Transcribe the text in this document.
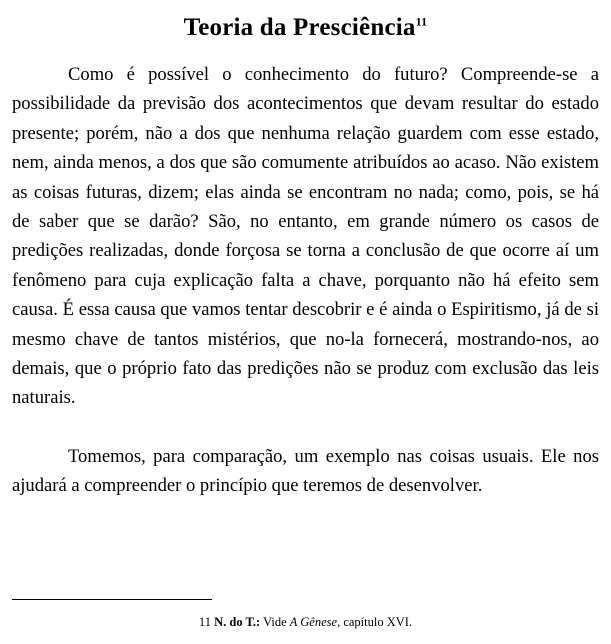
Teoria da Presciência$^{11}$

Como é possível o conhecimento do futuro? Compreende-se a possibilidade da previsão dos acontecimentos que devam resultar do estado presente; porém, não a dos que nenhuma relação guardem com esse estado, nem, ainda menos, a dos que são comumente atribuídos ao acaso. Não existem as coisas futuras, dizem; elas ainda se encontram no nada; como, pois, se há de saber que se darão? São, no entanto, em grande número os casos de predições realizadas, donde forçosa se torna a conclusão de que ocorre aí um fenômeno para cuja explicação falta a chave, porquanto não há efeito sem causa. É essa causa que vamos tentar descobrir e é ainda o Espiritismo, já de si mesmo chave de tantos mistérios, que no-la fornecerá, mostrando-nos, ao demais, que o próprio fato das predições não se produz com exclusão das leis naturais.

Tomemos, para comparação, um exemplo nas coisas usuais. Ele nos ajudará a compreender o princípio que teremos de desenvolver.

11 N. do T.: Vide A Gênese, capítulo XVI.
